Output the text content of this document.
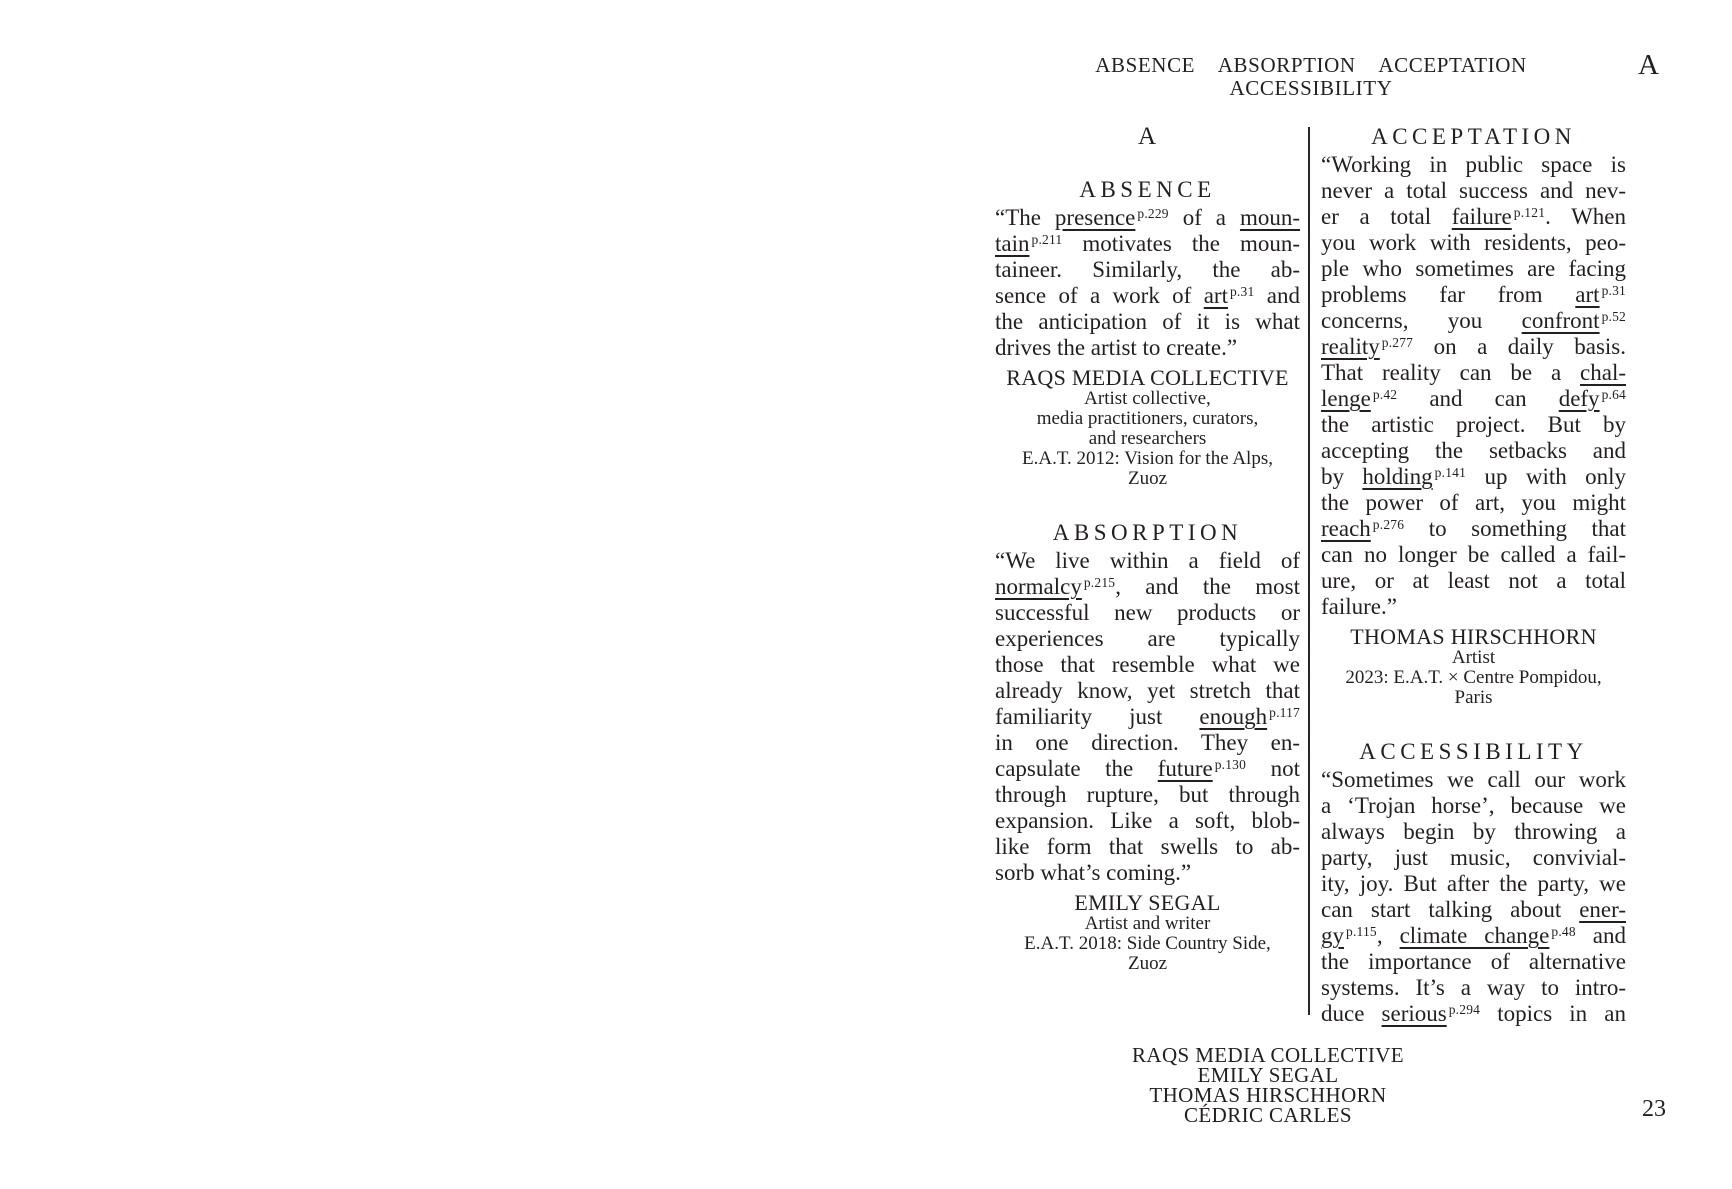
ABSENCE ABSORPTION ACCEPTATION
ACCESSIBILITY
A
A
ABSENCE
“The presence $^{p.229}$ of a moun-
tain $^{p.211}$ motivates the moun-
taineer. Similarly, the ab-
sence of a work of art $^{p.31}$ and
the anticipation of it is what
drives the artist to create.”
RAQS MEDIA COLLECTIVE
Artist collective,
media practitioners, curators,
and researchers
E.A.T. 2012: Vision for the Alps,
Zuoz
ABSORPTION
“We live within a field of
normalcy $^{p.215}$, and the most
successful new products or
experiences are typically
those that resemble what we
already know, yet stretch that
familiarity just enough $^{p.117}$
in one direction. They en-
capsulate the future $^{p.130}$ not
through rupture, but through
expansion. Like a soft, blob-
like form that swells to ab-
sorb what’s coming.”
EMILY SEGAL
Artist and writer
E.A.T. 2018: Side Country Side,
Zuoz
ACCEPTATION
“Working in public space is
never a total success and nev-
er a total failure $^{p.121}$. When
you work with residents, peo-
ple who sometimes are facing
problems far from art $^{p.31}$
concerns, you confront $^{p.52}$
reality $^{p.277}$ on a daily basis.
That reality can be a chal-
lenge $^{p.42}$ and can defy $^{p.64}$
the artistic project. But by
accepting the setbacks and
by holding $^{p.141}$ up with only
the power of art, you might
reach $^{p.276}$ to something that
can no longer be called a fail-
ure, or at least not a total
failure.”
THOMAS HIRSCHHORN
Artist
2023: E.A.T. × Centre Pompidou,
Paris
ACCESSIBILITY
“Sometimes we call our work
a ‘Trojan horse’, because we
always begin by throwing a
party, just music, convivial-
ity, joy. But after the party, we
can start talking about ener-
gy $^{p.115}$, climate change $^{p.48}$ and
the importance of alternative
systems. It’s a way to intro-
duce serious $^{p.294}$ topics in an
RAQS MEDIA COLLECTIVE
EMILY SEGAL
THOMAS HIRSCHHORN
CÉDRIC CARLES	23
